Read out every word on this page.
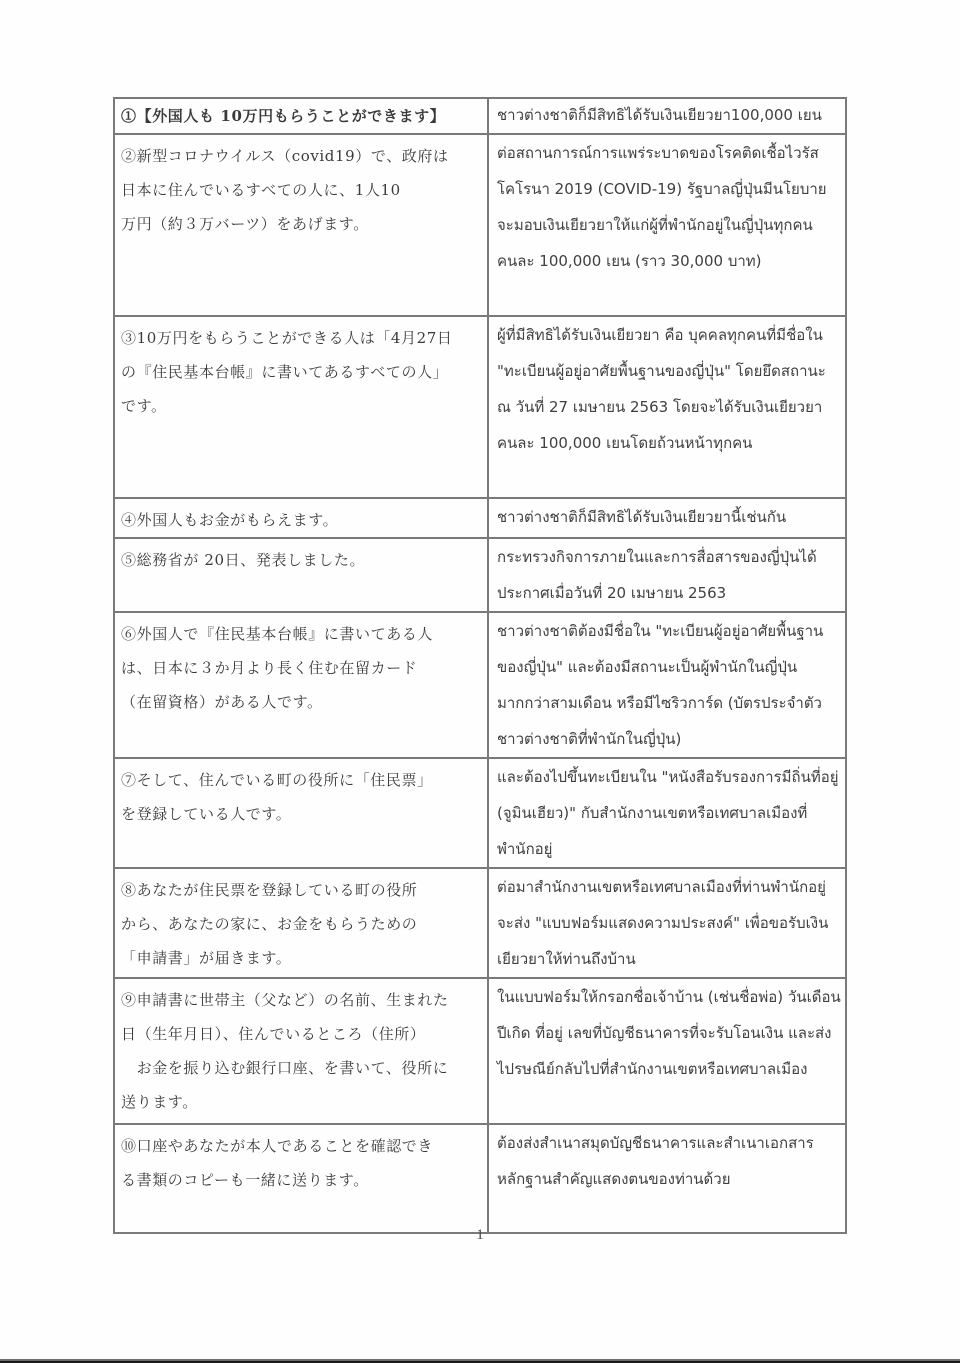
①【外国人も 10万円もらうことができます】	ชาวต่างชาติก็มีสิทธิได้รับเงินเยียวยา100,000 เยน

②新型コロナウイルス（covid19）で、政府は
日本に住んでいるすべての人に、1人10
万円（約３万バーツ）をあげます。	ต่อสถานการณ์การแพร่ระบาดของโรคติดเชื้อไวรัสโคโรนา 2019 (COVID-19) รัฐบาลญี่ปุ่นมีนโยบายจะมอบเงินเยียวยาให้แก่ผู้ที่พำนักอยู่ในญี่ปุ่นทุกคน คนละ 100,000 เยน (ราว 30,000 บาท)

③10万円をもらうことができる人は「4月27日
の『住民基本台帳』に書いてあるすべての人」
です。	ผู้ที่มีสิทธิได้รับเงินเยียวยา คือ บุคคลทุกคนที่มีชื่อใน "ทะเบียนผู้อยู่อาศัยพื้นฐานของญี่ปุ่น" โดยยึดสถานะ ณ วันที่ 27 เมษายน 2563 โดยจะได้รับเงินเยียวยาคนละ 100,000 เยนโดยถ้วนหน้าทุกคน

④外国人もお金がもらえます。	ชาวต่างชาติก็มีสิทธิได้รับเงินเยียวยานี้เช่นกัน

⑤総務省が 20日、発表しました。	กระทรวงกิจการภายในและการสื่อสารของญี่ปุ่นได้ประกาศเมื่อวันที่ 20 เมษายน 2563

⑥外国人で『住民基本台帳』に書いてある人
は、日本に３か月より長く住む在留カード
（在留資格）がある人です。	ชาวต่างชาติต้องมีชื่อใน "ทะเบียนผู้อยู่อาศัยพื้นฐานของญี่ปุ่น" และต้องมีสถานะเป็นผู้พำนักในญี่ปุ่นมากกว่าสามเดือน หรือมีไซริวการ์ด (บัตรประจำตัวชาวต่างชาติที่พำนักในญี่ปุ่น)

⑦そして、住んでいる町の役所に「住民票」
を登録している人です。	และต้องไปขึ้นทะเบียนใน "หนังสือรับรองการมีถิ่นที่อยู่ (จูมินเฮียว)" กับสำนักงานเขตหรือเทศบาลเมืองที่พำนักอยู่

⑧あなたが住民票を登録している町の役所
から、あなたの家に、お金をもらうための
「申請書」が届きます。	ต่อมาสำนักงานเขตหรือเทศบาลเมืองที่ท่านพำนักอยู่จะส่ง "แบบฟอร์มแสดงความประสงค์" เพื่อขอรับเงินเยียวยาให้ท่านถึงบ้าน

⑨申請書に世帯主（父など）の名前、生まれた
日（生年月日）、住んでいるところ（住所）
　お金を振り込む銀行口座、を書いて、役所に
送ります。	ในแบบฟอร์มให้กรอกชื่อเจ้าบ้าน (เช่นชื่อพ่อ) วันเดือนปีเกิด ที่อยู่ เลขที่บัญชีธนาคารที่จะรับโอนเงิน และส่งไปรษณีย์กลับไปที่สำนักงานเขตหรือเทศบาลเมือง

⑩口座やあなたが本人であることを確認でき
る書類のコピーも一緒に送ります。	ต้องส่งสำเนาสมุดบัญชีธนาคารและสำเนาเอกสารหลักฐานสำคัญแสดงตนของท่านด้วย
1
